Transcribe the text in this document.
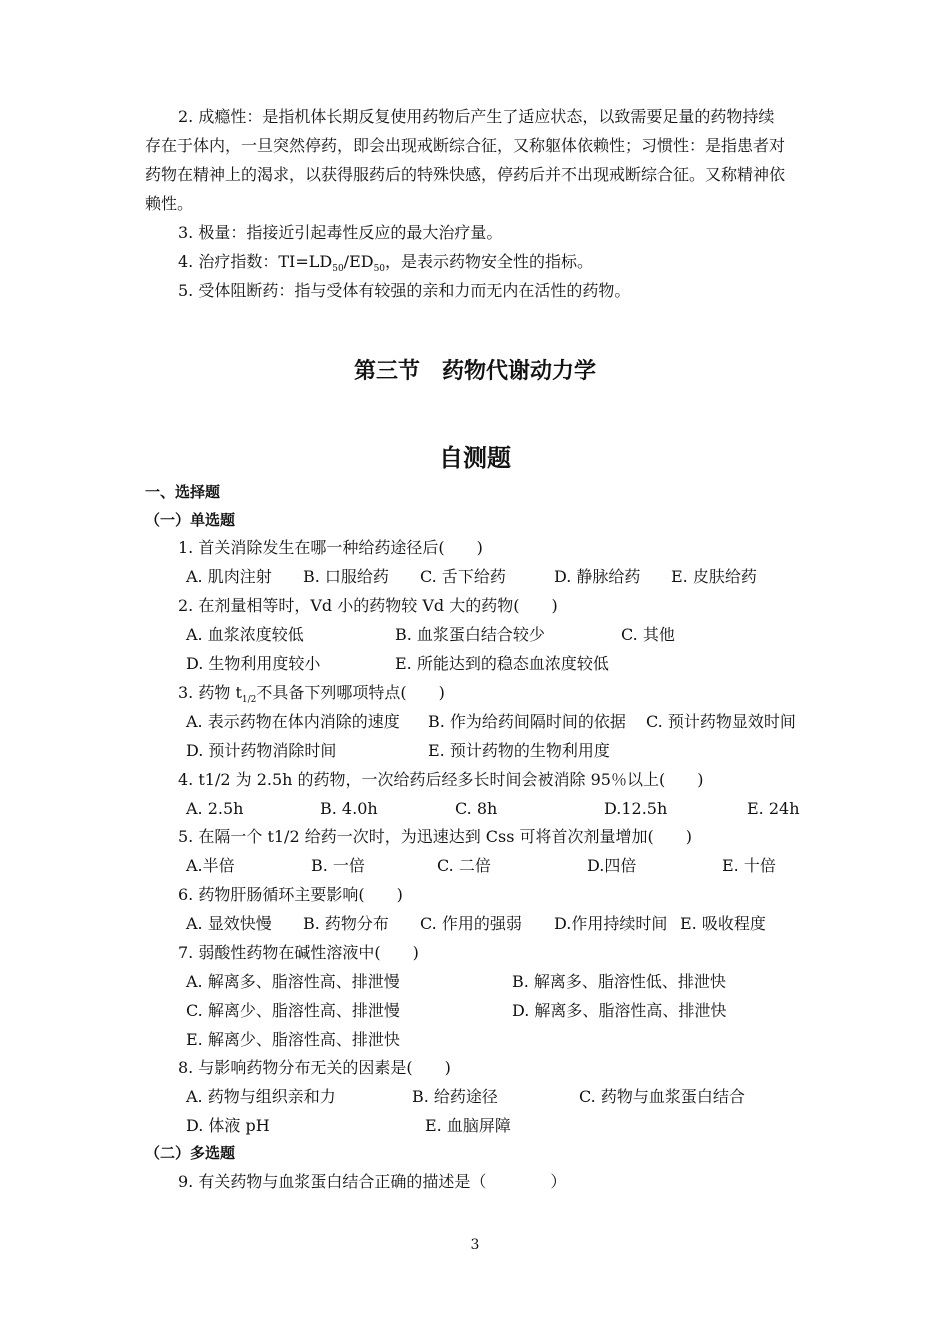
2. 成瘾性：是指机体长期反复使用药物后产生了适应状态，以致需要足量的药物持续
存在于体内，一旦突然停药，即会出现戒断综合征，又称躯体依赖性；习惯性：是指患者对
药物在精神上的渴求，以获得服药后的特殊快感，停药后并不出现戒断综合征。又称精神依
赖性。
3. 极量：指接近引起毒性反应的最大治疗量。
4. 治疗指数：$TI=LD_{50}/ED_{50}$，是表示药物安全性的指标。
5. 受体阻断药：指与受体有较强的亲和力而无内在活性的药物。
第三节　药物代谢动力学
自测题
一、选择题
（一）单选题
1. 首关消除发生在哪一种给药途径后(　　)
A. 肌肉注射 B. 口服给药 C. 舌下给药	D. 静脉给药 E. 皮肤给药
2. 在剂量相等时，Vd 小的药物较 Vd 大的药物(　　)
A. 血浆浓度较低	B. 血浆蛋白结合较少	C. 其他
D. 生物利用度较小	E. 所能达到的稳态血浓度较低
3. 药物 $t_{1/2}$不具备下列哪项特点(　　)
A. 表示药物在体内消除的速度 B. 作为给药间隔时间的依据 C. 预计药物显效时间
D. 预计药物消除时间	E. 预计药物的生物利用度
4. t1/2 为 2.5h 的药物，一次给药后经多长时间会被消除 95％以上(　　)
A. 2.5h	B. 4.0h	C. 8h	D.12.5h	E. 24h
5. 在隔一个 t1/2 给药一次时，为迅速达到 Css 可将首次剂量增加(　　)
A.半倍	B. 一倍	C. 二倍	D.四倍	E. 十倍
6. 药物肝肠循环主要影响(　　)
A. 显效快慢 B. 药物分布 C. 作用的强弱 D.作用持续时间 E. 吸收程度
7. 弱酸性药物在碱性溶液中(　　)
A. 解离多、脂溶性高、排泄慢	B. 解离多、脂溶性低、排泄快
C. 解离少、脂溶性高、排泄慢	D. 解离多、脂溶性高、排泄快
E. 解离少、脂溶性高、排泄快
8. 与影响药物分布无关的因素是(　　)
A. 药物与组织亲和力	B. 给药途径	C. 药物与血浆蛋白结合
D. 体液 pH	E. 血脑屏障
（二）多选题
9. 有关药物与血浆蛋白结合正确的描述是（　　　　）
3
